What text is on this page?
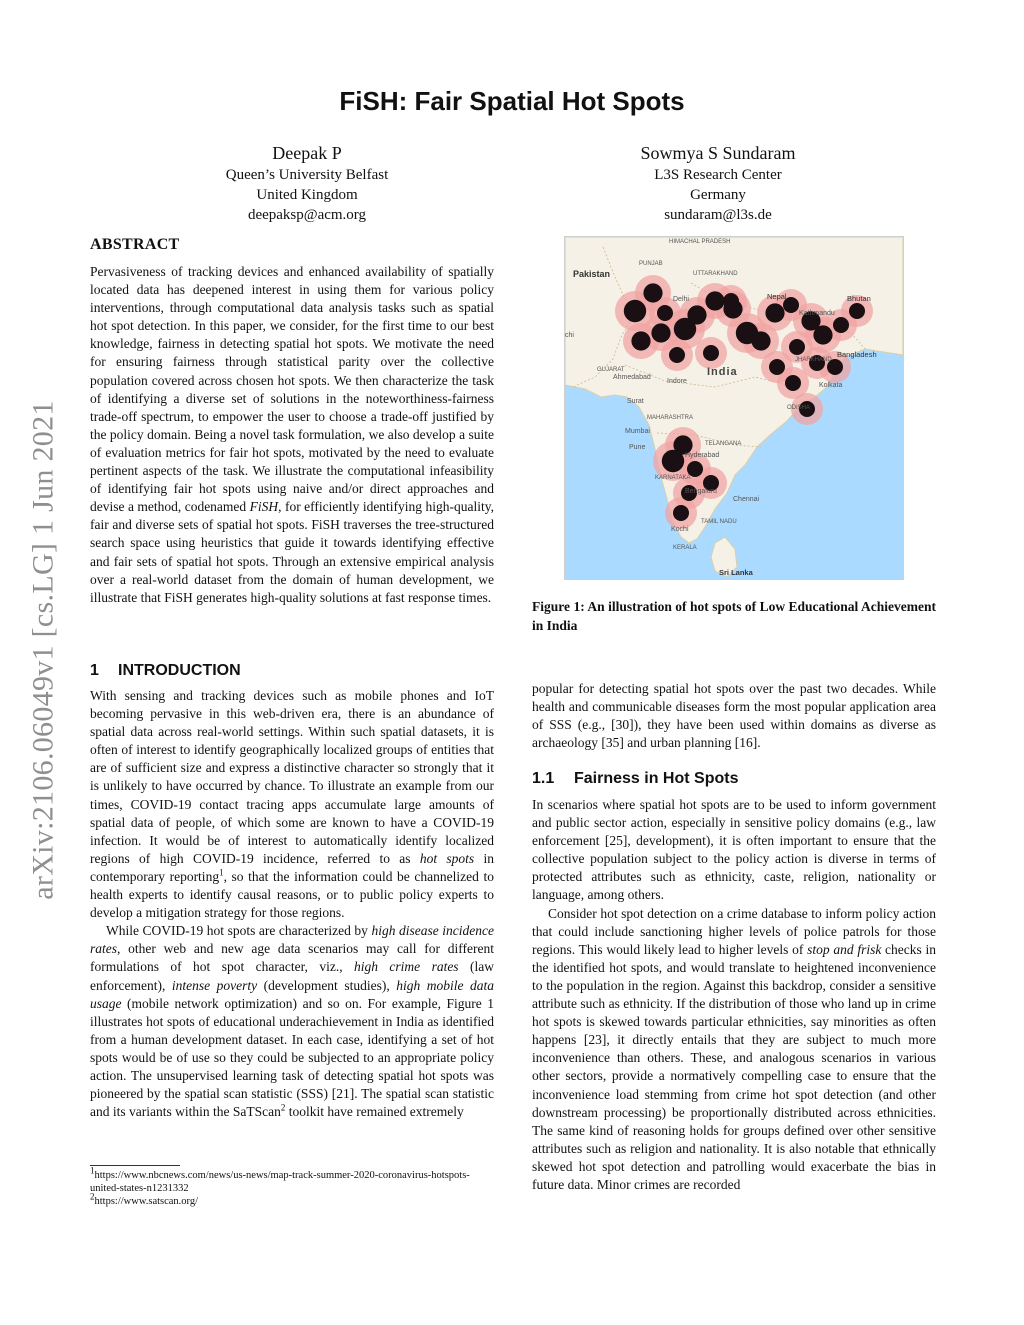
arXiv:2106.06049v1 [cs.LG] 1 Jun 2021
FiSH: Fair Spatial Hot Spots
Deepak P
Queen’s University Belfast
United Kingdom
deepaksp@acm.org
Sowmya S Sundaram
L3S Research Center
Germany
sundaram@l3s.de
ABSTRACT

Pervasiveness of tracking devices and enhanced availability of spatially located data has deepened interest in using them for various policy interventions, through computational data analysis tasks such as spatial hot spot detection. In this paper, we consider, for the first time to our best knowledge, fairness in detecting spatial hot spots. We motivate the need for ensuring fairness through statistical parity over the collective population covered across chosen hot spots. We then characterize the task of identifying a diverse set of solutions in the noteworthiness-fairness trade-off spectrum, to empower the user to choose a trade-off justified by the policy domain. Being a novel task formulation, we also develop a suite of evaluation metrics for fair hot spots, motivated by the need to evaluate pertinent aspects of the task. We illustrate the computational infeasibility of identifying fair hot spots using naive and/or direct approaches and devise a method, codenamed FiSH, for efficiently identifying high-quality, fair and diverse sets of spatial hot spots. FiSH traverses the tree-structured search space using heuristics that guide it towards identifying effective and fair sets of spatial hot spots. Through an extensive empirical analysis over a real-world dataset from the domain of human development, we illustrate that FiSH generates high-quality solutions at fast response times.

1 INTRODUCTION

With sensing and tracking devices such as mobile phones and IoT becoming pervasive in this web-driven era, there is an abundance of spatial data across real-world settings. Within such spatial datasets, it is often of interest to identify geographically localized groups of entities that are of sufficient size and express a distinctive character so strongly that it is unlikely to have occurred by chance. To illustrate an example from our times, COVID-19 contact tracing apps accumulate large amounts of spatial data of people, of which some are known to have a COVID-19 infection. It would be of interest to automatically identify localized regions of high COVID-19 incidence, referred to as hot spots in contemporary reporting$^1$, so that the information could be channelized to health experts to identify causal reasons, or to public policy experts to develop a mitigation strategy for those regions.

While COVID-19 hot spots are characterized by high disease incidence rates, other web and new age data scenarios may call for different formulations of hot spot character, viz., high crime rates (law enforcement), intense poverty (development studies), high mobile data usage (mobile network optimization) and so on. For example, Figure 1 illustrates hot spots of educational underachievement in India as identified from a human development dataset. In each case, identifying a set of hot spots would be of use so they could be subjected to an appropriate policy action. The unsupervised learning task of detecting spatial hot spots was pioneered by the spatial scan statistic (SSS) [21]. The spatial scan statistic and its variants within the SaTScan$^2$ toolkit have remained extremely

$^1$https://www.nbcnews.com/news/us-news/map-track-summer-2020-coronavirus-hotspots-united-states-n1231332
$^2$https://www.satscan.org/
Pakistan
HIMACHAL PRADESH
UTTARAKHAND
PUNJAB
Delhi	Nepal	Bhutan
Kathmandu
chi
GUJARAT
Ahmedabad
Indore
India
Bangladesh
JHARKHAND
Kolkata
ODISHA
Surat
MAHARASHTRA
Mumbai
Pune	TELANGANA
Hyderabad
KARNATAKA
Bengaluru
Chennai
TAMIL NADU
Kochi
KERALA
Sri Lanka
Figure 1: An illustration of hot spots of Low Educational Achievement in India

popular for detecting spatial hot spots over the past two decades. While health and communicable diseases form the most popular application area of SSS (e.g., [30]), they have been used within domains as diverse as archaeology [35] and urban planning [16].

1.1 Fairness in Hot Spots

In scenarios where spatial hot spots are to be used to inform government and public sector action, especially in sensitive policy domains (e.g., law enforcement [25], development), it is often important to ensure that the collective population subject to the policy action is diverse in terms of protected attributes such as ethnicity, caste, religion, nationality or language, among others.

Consider hot spot detection on a crime database to inform policy action that could include sanctioning higher levels of police patrols for those regions. This would likely lead to higher levels of stop and frisk checks in the identified hot spots, and would translate to heightened inconvenience to the population in the region. Against this backdrop, consider a sensitive attribute such as ethnicity. If the distribution of those who land up in crime hot spots is skewed towards particular ethnicities, say minorities as often happens [23], it directly entails that they are subject to much more inconvenience than others. These, and analogous scenarios in various other sectors, provide a normatively compelling case to ensure that the inconvenience load stemming from crime hot spot detection (and other downstream processing) be proportionally distributed across ethnicities. The same kind of reasoning holds for groups defined over other sensitive attributes such as religion and nationality. It is also notable that ethnically skewed hot spot detection and patrolling would exacerbate the bias in future data. Minor crimes are recorded
